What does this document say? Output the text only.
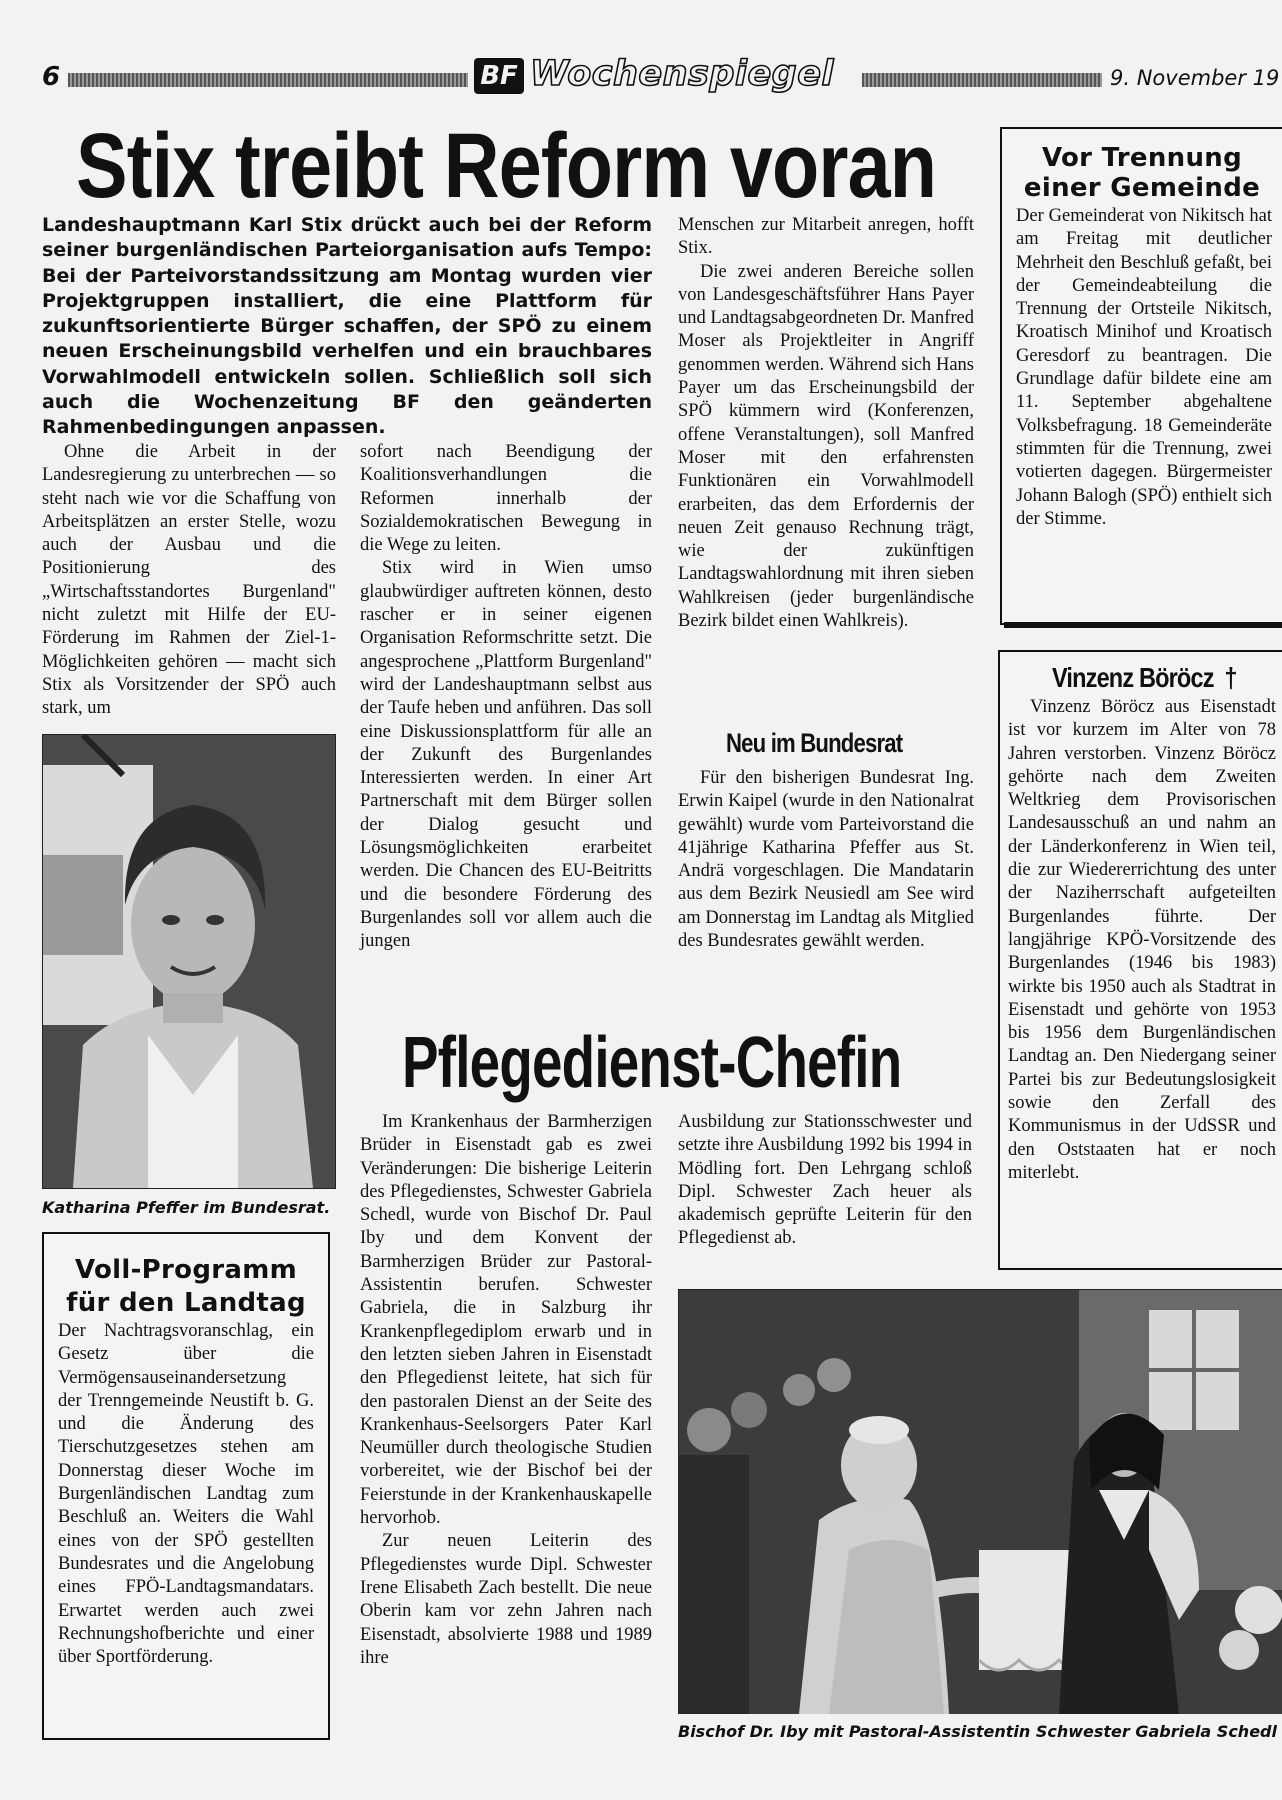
6	BF Wochenspiegel	9. November 19
Stix treibt Reform voran
Landeshauptmann Karl Stix drückt auch bei der Reform seiner burgenländischen Parteiorganisation aufs Tempo: Bei der Parteivorstandssitzung am Montag wurden vier Projektgruppen installiert, die eine Plattform für zukunftsorientierte Bürger schaffen, der SPÖ zu einem neuen Erscheinungsbild verhelfen und ein brauchbares Vorwahlmodell entwickeln sollen. Schließlich soll sich auch die Wochenzeitung BF den geänderten Rahmenbedingungen anpassen.

Ohne die Arbeit in der Landesregierung zu unterbrechen — so steht nach wie vor die Schaffung von Arbeitsplätzen an erster Stelle, wozu auch der Ausbau und die Positionierung des „Wirtschaftsstandortes Burgenland" nicht zuletzt mit Hilfe der EU-Förderung im Rahmen der Ziel-1-Möglichkeiten gehören — macht sich Stix als Vorsitzender der SPÖ auch stark, um

sofort nach Beendigung der Koalitionsverhandlungen die Reformen innerhalb der Sozialdemokratischen Bewegung in die Wege zu leiten.

Stix wird in Wien umso glaubwürdiger auftreten können, desto rascher er in seiner eigenen Organisation Reformschritte setzt. Die angesprochene „Plattform Burgenland" wird der Landeshauptmann selbst aus der Taufe heben und anführen. Das soll eine Diskussionsplattform für alle an der Zukunft des Burgenlandes Interessierten werden. In einer Art Partnerschaft mit dem Bürger sollen der Dialog gesucht und Lösungsmöglichkeiten erarbeitet werden. Die Chancen des EU-Beitritts und die besondere Förderung des Burgenlandes soll vor allem auch die jungen

Menschen zur Mitarbeit anregen, hofft Stix.

Die zwei anderen Bereiche sollen von Landesgeschäftsführer Hans Payer und Landtagsabgeordneten Dr. Manfred Moser als Projektleiter in Angriff genommen werden. Während sich Hans Payer um das Erscheinungsbild der SPÖ kümmern wird (Konferenzen, offene Veranstaltungen), soll Manfred Moser mit den erfahrensten Funktionären ein Vorwahlmodell erarbeiten, das dem Erfordernis der neuen Zeit genauso Rechnung trägt, wie der zukünftigen Landtagswahlordnung mit ihren sieben Wahlkreisen (jeder burgenländische Bezirk bildet einen Wahlkreis).

Neu im Bundesrat

Für den bisherigen Bundesrat Ing. Erwin Kaipel (wurde in den Nationalrat gewählt) wurde vom Parteivorstand die 41jährige Katharina Pfeffer aus St. Andrä vorgeschlagen. Die Mandatarin aus dem Bezirk Neusiedl am See wird am Donnerstag im Landtag als Mitglied des Bundesrates gewählt werden.

Katharina Pfeffer im Bundesrat.
Vor Trennung einer Gemeinde

Der Gemeinderat von Nikitsch hat am Freitag mit deutlicher Mehrheit den Beschluß gefaßt, bei der Gemeindeabteilung die Trennung der Ortsteile Nikitsch, Kroatisch Minihof und Kroatisch Geresdorf zu beantragen. Die Grundlage dafür bildete eine am 11. September abgehaltene Volksbefragung. 18 Gemeinderäte stimmten für die Trennung, zwei votierten dagegen. Bürgermeister Johann Balogh (SPÖ) enthielt sich der Stimme.

Vinzenz Böröcz †

Vinzenz Böröcz aus Eisenstadt ist vor kurzem im Alter von 78 Jahren verstorben. Vinzenz Böröcz gehörte nach dem Zweiten Weltkrieg dem Provisorischen Landesausschuß an und nahm an der Länderkonferenz in Wien teil, die zur Wiedererrichtung des unter der Naziherrschaft aufgeteilten Burgenlandes führte. Der langjährige KPÖ-Vorsitzende des Burgenlandes (1946 bis 1983) wirkte bis 1950 auch als Stadtrat in Eisenstadt und gehörte von 1953 bis 1956 dem Burgenländischen Landtag an. Den Niedergang seiner Partei bis zur Bedeutungslosigkeit sowie den Zerfall des Kommunismus in der UdSSR und den Oststaaten hat er noch miterlebt.

Pflegedienst-Chefin
Voll-Programm für den Landtag

Der Nachtragsvoranschlag, ein Gesetz über die Vermögensauseinandersetzung der Trenngemeinde Neustift b. G. und die Änderung des Tierschutzgesetzes stehen am Donnerstag dieser Woche im Burgenländischen Landtag zum Beschluß an. Weiters die Wahl eines von der SPÖ gestellten Bundesrates und die Angelobung eines FPÖ-Landtagsmandatars. Erwartet werden auch zwei Rechnungshofberichte und einer über Sportförderung.

Im Krankenhaus der Barmherzigen Brüder in Eisenstadt gab es zwei Veränderungen: Die bisherige Leiterin des Pflegedienstes, Schwester Gabriela Schedl, wurde von Bischof Dr. Paul Iby und dem Konvent der Barmherzigen Brüder zur Pastoral-Assistentin berufen. Schwester Gabriela, die in Salzburg ihr Krankenpflegediplom erwarb und in den letzten sieben Jahren in Eisenstadt den Pflegedienst leitete, hat sich für den pastoralen Dienst an der Seite des Krankenhaus-Seelsorgers Pater Karl Neumüller durch theologische Studien vorbereitet, wie der Bischof bei der Feierstunde in der Krankenhauskapelle hervorhob.

Zur neuen Leiterin des Pflegedienstes wurde Dipl. Schwester Irene Elisabeth Zach bestellt. Die neue Oberin kam vor zehn Jahren nach Eisenstadt, absolvierte 1988 und 1989 ihre

Ausbildung zur Stationsschwester und setzte ihre Ausbildung 1992 bis 1994 in Mödling fort. Den Lehrgang schloß Dipl. Schwester Zach heuer als akademisch geprüfte Leiterin für den Pflegedienst ab.

Bischof Dr. Iby mit Pastoral-Assistentin Schwester Gabriela Schedl
